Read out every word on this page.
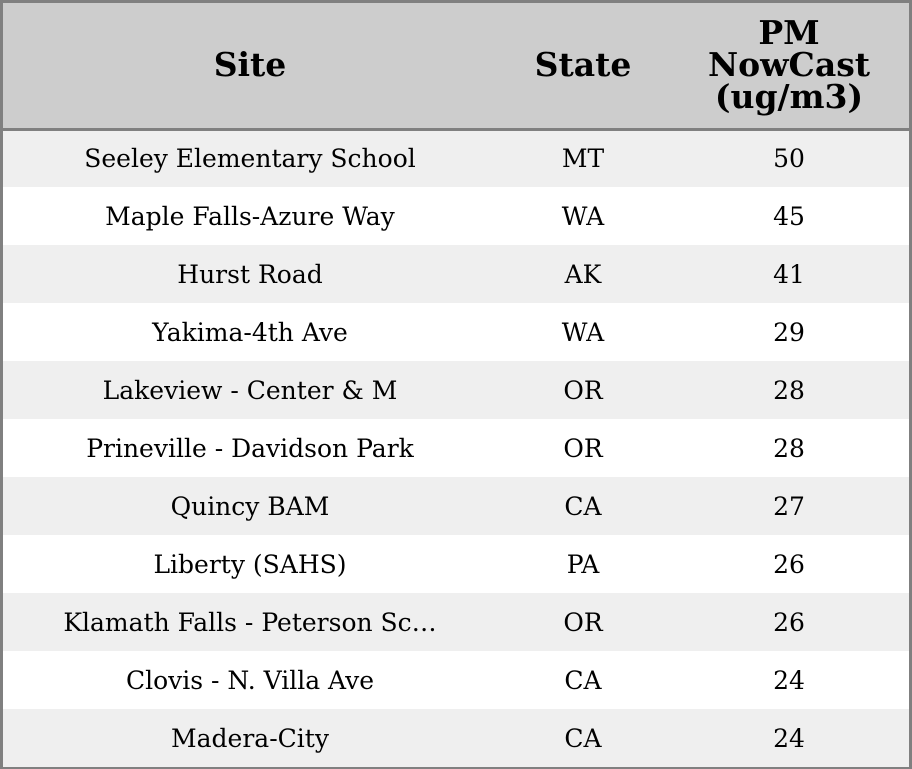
Site	State	PM
NowCast
(ug/m3)

Seeley Elementary School	MT	50
Maple Falls-Azure Way	WA	45
Hurst Road	AK	41
Yakima-4th Ave	WA	29
Lakeview - Center & M	OR	28
Prineville - Davidson Park	OR	28
Quincy BAM	CA	27
Liberty (SAHS)	PA	26
Klamath Falls - Peterson Sc…	OR	26
Clovis - N. Villa Ave	CA	24
Madera-City	CA	24
